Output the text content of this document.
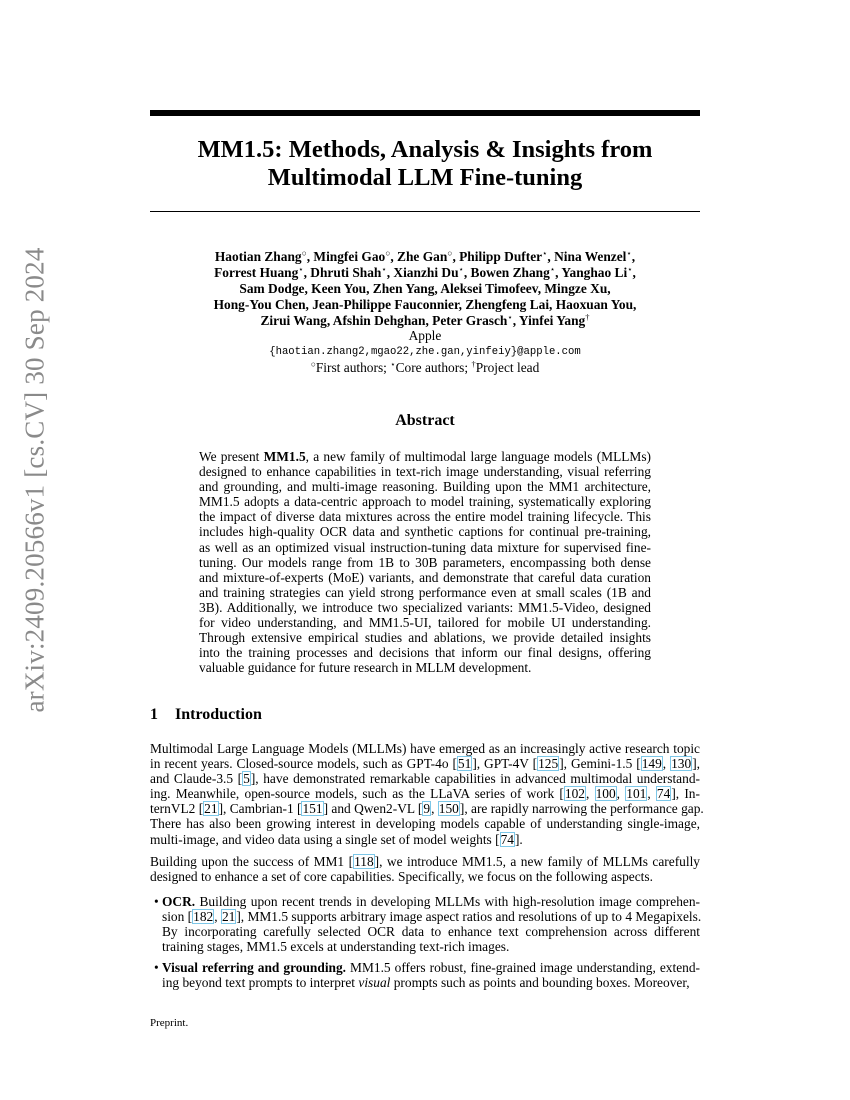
arXiv:2409.20566v1 [cs.CV] 30 Sep 2024
MM1.5: Methods, Analysis & Insights from
Multimodal LLM Fine-tuning
Haotian Zhang○, Mingfei Gao○, Zhe Gan○, Philipp Dufter⋆, Nina Wenzel⋆,
Forrest Huang⋆, Dhruti Shah⋆, Xianzhi Du⋆, Bowen Zhang⋆, Yanghao Li⋆,
Sam Dodge, Keen You, Zhen Yang, Aleksei Timofeev, Mingze Xu,
Hong-You Chen, Jean-Philippe Fauconnier, Zhengfeng Lai, Haoxuan You,
Zirui Wang, Afshin Dehghan, Peter Grasch⋆, Yinfei Yang†
Apple
{haotian.zhang2,mgao22,zhe.gan,yinfeiy}@apple.com
○First authors; ⋆Core authors; †Project lead
Abstract
We present MM1.5, a new family of multimodal large language models (MLLMs)
designed to enhance capabilities in text-rich image understanding, visual referring
and grounding, and multi-image reasoning. Building upon the MM1 architecture,
MM1.5 adopts a data-centric approach to model training, systematically exploring
the impact of diverse data mixtures across the entire model training lifecycle. This
includes high-quality OCR data and synthetic captions for continual pre-training,
as well as an optimized visual instruction-tuning data mixture for supervised fine-
tuning. Our models range from 1B to 30B parameters, encompassing both dense
and mixture-of-experts (MoE) variants, and demonstrate that careful data curation
and training strategies can yield strong performance even at small scales (1B and
3B). Additionally, we introduce two specialized variants: MM1.5-Video, designed
for video understanding, and MM1.5-UI, tailored for mobile UI understanding.
Through extensive empirical studies and ablations, we provide detailed insights
into the training processes and decisions that inform our final designs, offering
valuable guidance for future research in MLLM development.
1 Introduction
Multimodal Large Language Models (MLLMs) have emerged as an increasingly active research topic
in recent years. Closed-source models, such as GPT-4o [51], GPT-4V [125], Gemini-1.5 [149, 130],
and Claude-3.5 [5], have demonstrated remarkable capabilities in advanced multimodal understand-
ing. Meanwhile, open-source models, such as the LLaVA series of work [102, 100, 101, 74], In-
ternVL2 [21], Cambrian-1 [151] and Qwen2-VL [9, 150], are rapidly narrowing the performance gap.
There has also been growing interest in developing models capable of understanding single-image,
multi-image, and video data using a single set of model weights [74].
Building upon the success of MM1 [118], we introduce MM1.5, a new family of MLLMs carefully
designed to enhance a set of core capabilities. Specifically, we focus on the following aspects.
• OCR. Building upon recent trends in developing MLLMs with high-resolution image comprehen-
sion [182, 21], MM1.5 supports arbitrary image aspect ratios and resolutions of up to 4 Megapixels.
By incorporating carefully selected OCR data to enhance text comprehension across different
training stages, MM1.5 excels at understanding text-rich images.
• Visual referring and grounding. MM1.5 offers robust, fine-grained image understanding, extend-
ing beyond text prompts to interpret visual prompts such as points and bounding boxes. Moreover,
Preprint.
